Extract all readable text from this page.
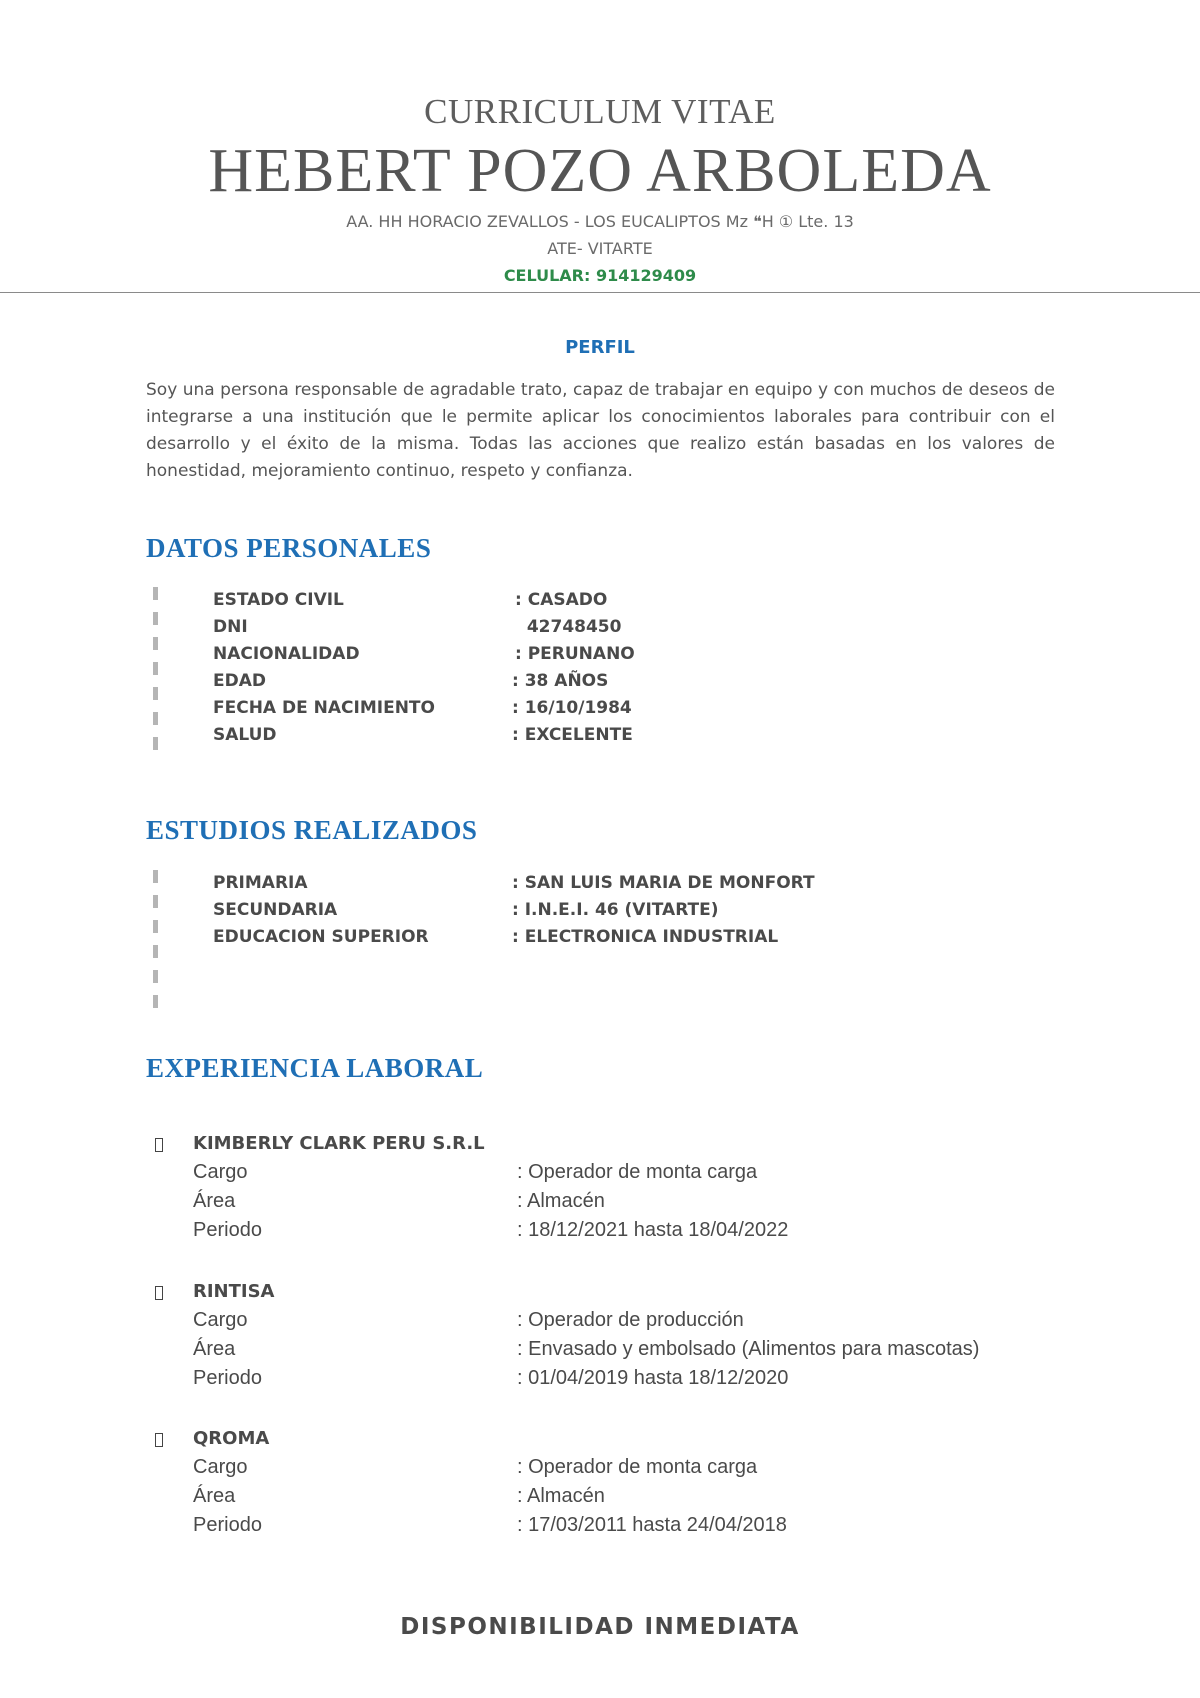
CURRICULUM VITAE
HEBERT POZO ARBOLEDA
AA. HH HORACIO ZEVALLOS - LOS EUCALIPTOS Mz ❝H ① Lte. 13
ATE- VITARTE
CELULAR: 914129409
PERFIL
Soy una persona responsable de agradable trato, capaz de trabajar en equipo y con muchos de deseos de integrarse a una institución que le permite aplicar los conocimientos laborales para contribuir con el desarrollo y el éxito de la misma. Todas las acciones que realizo están basadas en los valores de honestidad, mejoramiento continuo, respeto y confianza.
DATOS PERSONALES
ESTADO CIVIL	: CASADO
DNI	42748450
NACIONALIDAD	: PERUNANO
EDAD	: 38 AÑOS
FECHA DE NACIMIENTO	: 16/10/1984
SALUD	: EXCELENTE
ESTUDIOS REALIZADOS
PRIMARIA	: SAN LUIS MARIA DE MONFORT
SECUNDARIA	: I.N.E.I. 46 (VITARTE)
EDUCACION SUPERIOR	: ELECTRONICA INDUSTRIAL
EXPERIENCIA LABORAL
KIMBERLY CLARK PERU S.R.L
Cargo	: Operador de monta carga
Área	: Almacén
Periodo	: 18/12/2021 hasta 18/04/2022
RINTISA
Cargo	: Operador de producción
Área	: Envasado y embolsado (Alimentos para mascotas)
Periodo	: 01/04/2019 hasta 18/12/2020
QROMA
Cargo	: Operador de monta carga
Área	: Almacén
Periodo	: 17/03/2011 hasta 24/04/2018
DISPONIBILIDAD INMEDIATA
